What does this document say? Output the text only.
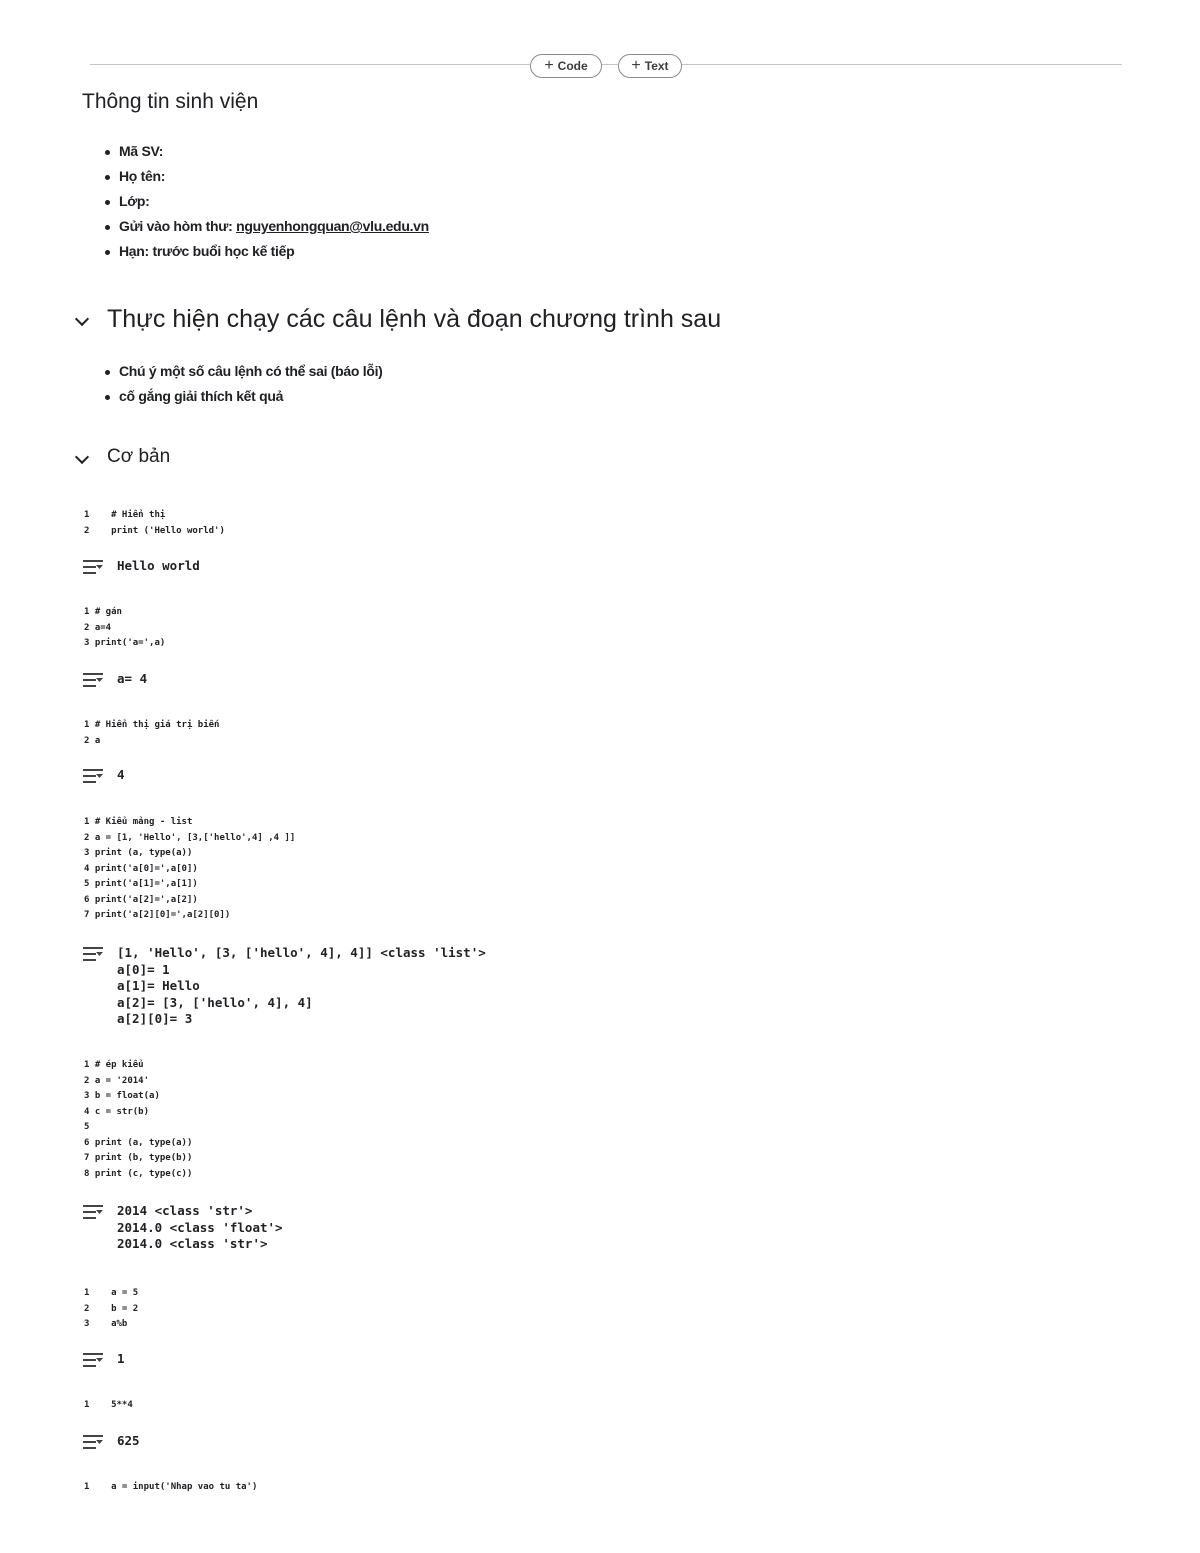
+ Code	+ Text
Thông tin sinh viện
Mã SV:
Họ tên:
Lớp:
Gửi vào hòm thư: nguyenhongquan@vlu.edu.vn
Hạn: trước buổi học kế tiếp
Thực hiện chạy các câu lệnh và đoạn chương trình sau
Chú ý một số câu lệnh có thể sai (báo lỗi)
cố gắng giải thích kết quả
Cơ bản
1    # Hiển thị
2    print ('Hello world')
Hello world
1 # gán
2 a=4
3 print('a=',a)
a= 4
1 # Hiển thị giá trị biến
2 a
4
1 # Kiểu mảng - list
2 a = [1, 'Hello', [3,['hello',4] ,4 ]]
3 print (a, type(a))
4 print('a[0]=',a[0])
5 print('a[1]=',a[1])
6 print('a[2]=',a[2])
7 print('a[2][0]=',a[2][0])
[1, 'Hello', [3, ['hello', 4], 4]] <class 'list'>
a[0]= 1
a[1]= Hello
a[2]= [3, ['hello', 4], 4]
a[2][0]= 3
1 # ép kiểu
2 a = '2014'
3 b = float(a)
4 c = str(b)
5
6 print (a, type(a))
7 print (b, type(b))
8 print (c, type(c))
2014 <class 'str'>
2014.0 <class 'float'>
2014.0 <class 'str'>
1    a = 5
2    b = 2
3    a%b
1
1    5**4
625
1    a = input('Nhap vao tu ta')
